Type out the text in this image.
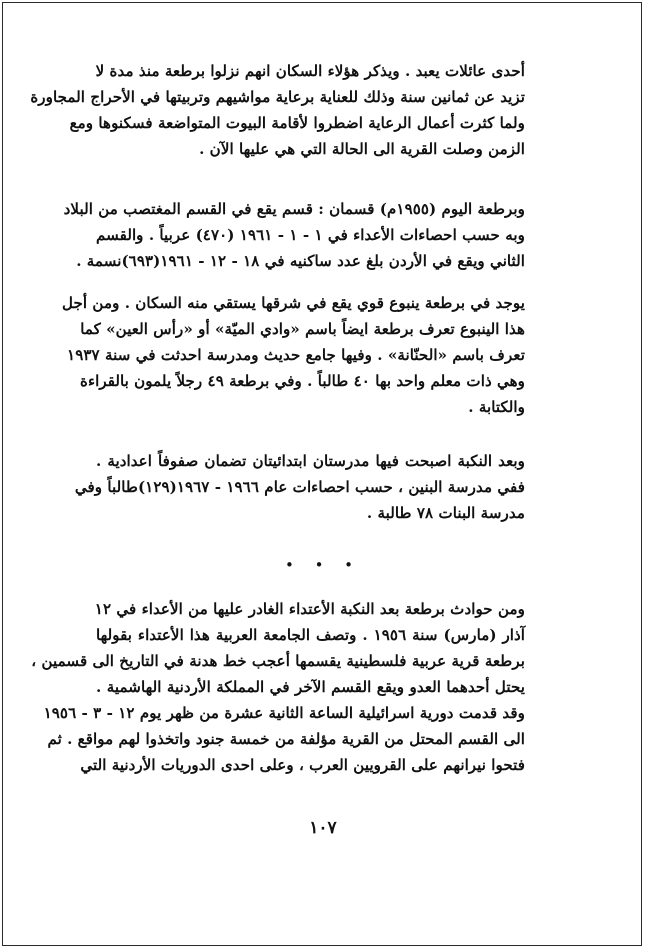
أحدى عائلات يعبد . ويذكر هؤلاء السكان انهم نزلوا برطعة منذ مدة لا
تزيد عن ثمانين سنة وذلك للعناية برعاية مواشيهم وتربيتها في الأحراج المجاورة
ولما كثرت أعمال الرعاية اضطروا لأقامة البيوت المتواضعة فسكنوها ومع
الزمن وصلت القرية الى الحالة التي هي عليها الآن .
وبرطعة اليوم (١٩٥٥م) قسمان : قسم يقع في القسم المغتصب من البلاد
وبه حسب احصاءات الأعداء في ١ - ١ - ١٩٦١ (٤٧٠) عربياً . والقسم
الثاني ويقع في الأردن بلغ عدد ساكنيه في ١٨ - ١٢ - ١٩٦١(٦٩٣)نسمة .
يوجد في برطعة ينبوع قوي يقع في شرقها يستقي منه السكان . ومن أجل
هذا الينبوع تعرف برطعة ايضاً باسم «وادي الميّة» أو «رأس العين» كما
تعرف باسم «الحنّانة» . وفيها جامع حديث ومدرسة احدثت في سنة ١٩٣٧
وهي ذات معلم واحد بها ٤٠ طالباً . وفي برطعة ٤٩ رجلاً يلمون بالقراءة
والكتابة .
وبعد النكبة اصبحت فيها مدرستان ابتدائيتان تضمان صفوفاً اعدادية .
ففي مدرسة البنين ، حسب احصاءات عام ١٩٦٦ - ١٩٦٧(١٢٩)طالباً وفي
مدرسة البنات ٧٨ طالبة .
• • •
ومن حوادث برطعة بعد النكبة الأعتداء الغادر عليها من الأعداء في ١٢
آذار (مارس) سنة ١٩٥٦ . وتصف الجامعة العربية هذا الأعتداء بقولها
برطعة قرية عربية فلسطينية يقسمها أعجب خط هدنة في التاريخ الى قسمين ،
يحتل أحدهما العدو ويقع القسم الآخر في المملكة الأردنية الهاشمية .
وقد قدمت دورية اسرائيلية الساعة الثانية عشرة من ظهر يوم ١٢ - ٣ - ١٩٥٦
الى القسم المحتل من القرية مؤلفة من خمسة جنود واتخذوا لهم مواقع . ثم
فتحوا نيرانهم على القرويين العرب ، وعلى احدى الدوريات الأردنية التي
١٠٧
